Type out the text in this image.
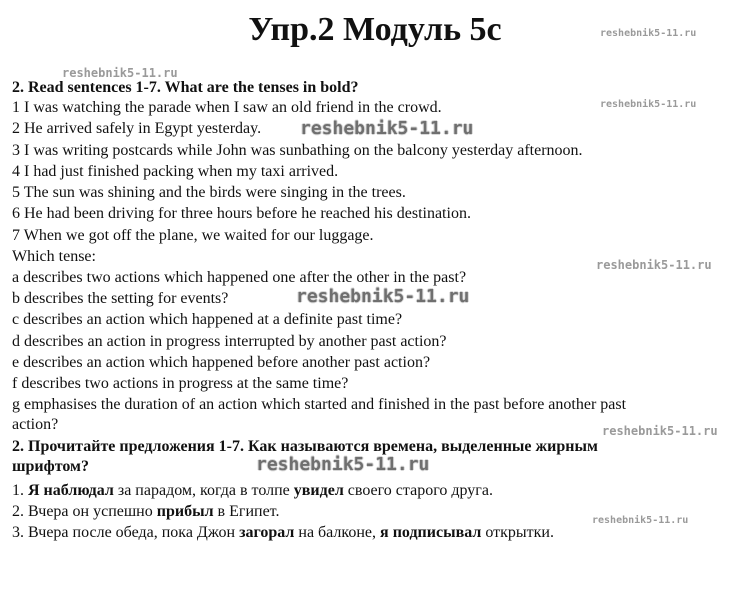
Упр.2 Модуль 5с
2. Read sentences 1-7. What are the tenses in bold?
1 I was watching the parade when I saw an old friend in the crowd.
2 He arrived safely in Egypt yesterday.
3 I was writing postcards while John was sunbathing on the balcony yesterday afternoon.
4 I had just finished packing when my taxi arrived.
5 The sun was shining and the birds were singing in the trees.
6 He had been driving for three hours before he reached his destination.
7 When we got off the plane, we waited for our luggage.
Which tense:
a describes two actions which happened one after the other in the past?
b describes the setting for events?
c describes an action which happened at a definite past time?
d describes an action in progress interrupted by another past action?
e describes an action which happened before another past action?
f describes two actions in progress at the same time?
g emphasises the duration of an action which started and finished in the past before another past
action?
2. Прочитайте предложения 1-7. Как называются времена, выделенные жирным
шрифтом?
1. Я наблюдал за парадом, когда в толпе увидел своего старого друга.
2. Вчера он успешно прибыл в Египет.
3. Вчера после обеда, пока Джон загорал на балконе, я подписывал открытки.
reshebnik5-11.ru
reshebnik5-11.ru
reshebnik5-11.ru
reshebnik5-11.ru
reshebnik5-11.ru
reshebnik5-11.ru
reshebnik5-11.ru
reshebnik5-11.ru
reshebnik5-11.ru
